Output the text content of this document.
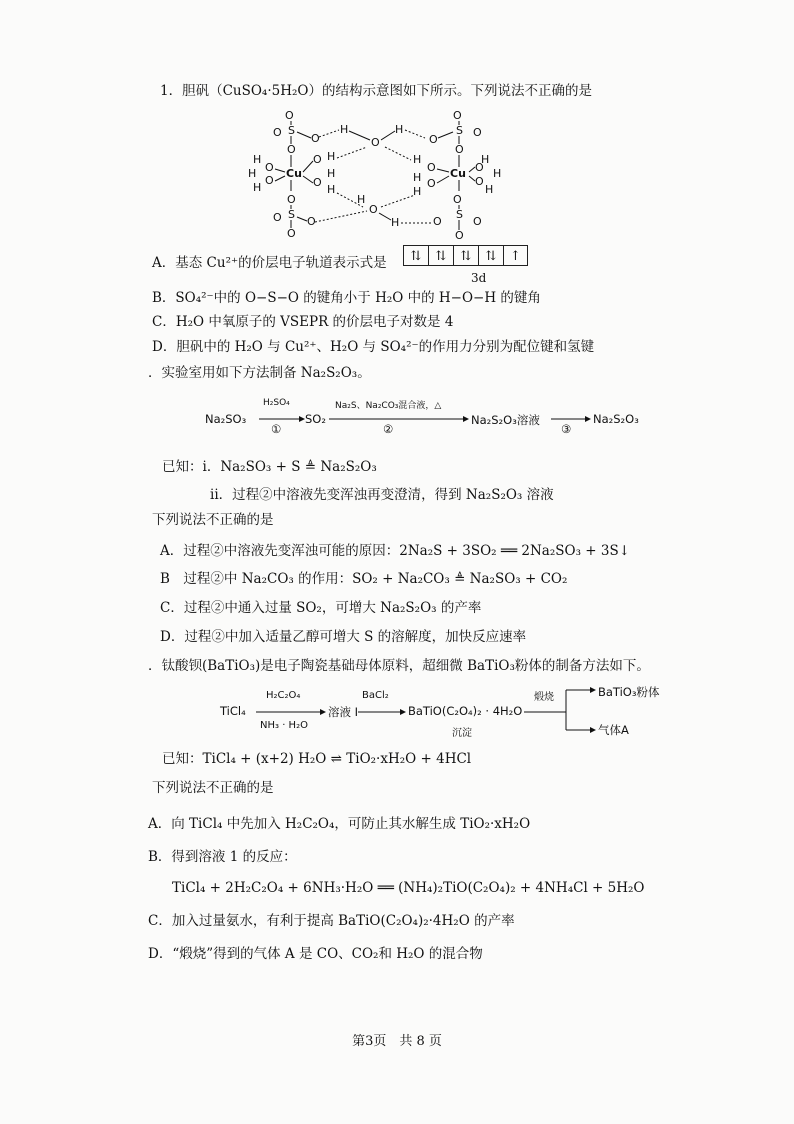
1．胆矾（CuSO₄·5H₂O）的结构示意图如下所示。下列说法不正确的是
O
S
O	O
O
H
O
H
O
S
O
O
O
Cu
H
O
H
H
O
O H
H
O
H
Cu
H
O
H O
H
H
O H
O
H
O
S
O O
O
O
H
H
O
S
O	O
O
A．基态 Cu²⁺的价层电子轨道表示式是	⇅	⇅	⇅	⇅	↑
3d
B．SO₄²⁻中的 O−S−O 的键角小于 H₂O 中的 H−O−H 的键角
C．H₂O 中氧原子的 VSEPR 的价层电子对数是 4
D．胆矾中的 H₂O 与 Cu²⁺、H₂O 与 SO₄²⁻的作用力分别为配位键和氢键
．实验室用如下方法制备 Na₂S₂O₃。
Na₂SO₃
H₂SO₄
①
SO₂
Na₂S、Na₂CO₃混合液，△
②
Na₂S₂O₃溶液
③
Na₂S₂O₃
已知：i．Na₂SO₃ + S ≜ Na₂S₂O₃
ii．过程②中溶液先变浑浊再变澄清，得到 Na₂S₂O₃ 溶液
下列说法不正确的是
A．过程②中溶液先变浑浊可能的原因：2Na₂S + 3SO₂ ══ 2Na₂SO₃ + 3S↓
B　过程②中 Na₂CO₃ 的作用：SO₂ + Na₂CO₃ ≜ Na₂SO₃ + CO₂
C．过程②中通入过量 SO₂，可增大 Na₂S₂O₃ 的产率
D．过程②中加入适量乙醇可增大 S 的溶解度，加快反应速率
．钛酸钡(BaTiO₃)是电子陶瓷基础母体原料，超细微 BaTiO₃粉体的制备方法如下。
TiCl₄
H₂C₂O₄
NH₃ · H₂O
溶液 I
BaCl₂
BaTiO(C₂O₄)₂ · 4H₂O
沉淀
煅烧	BaTiO₃粉体
气体A
已知：TiCl₄ + (x+2) H₂O ⇌ TiO₂·xH₂O + 4HCl
下列说法不正确的是
A．向 TiCl₄ 中先加入 H₂C₂O₄，可防止其水解生成 TiO₂·xH₂O
B．得到溶液 1 的反应：
TiCl₄ + 2H₂C₂O₄ + 6NH₃·H₂O ══ (NH₄)₂TiO(C₂O₄)₂ + 4NH₄Cl + 5H₂O
C．加入过量氨水，有利于提高 BaTiO(C₂O₄)₂·4H₂O 的产率
D．“煅烧”得到的气体 A 是 CO、CO₂和 H₂O 的混合物
第3页　共 8 页
